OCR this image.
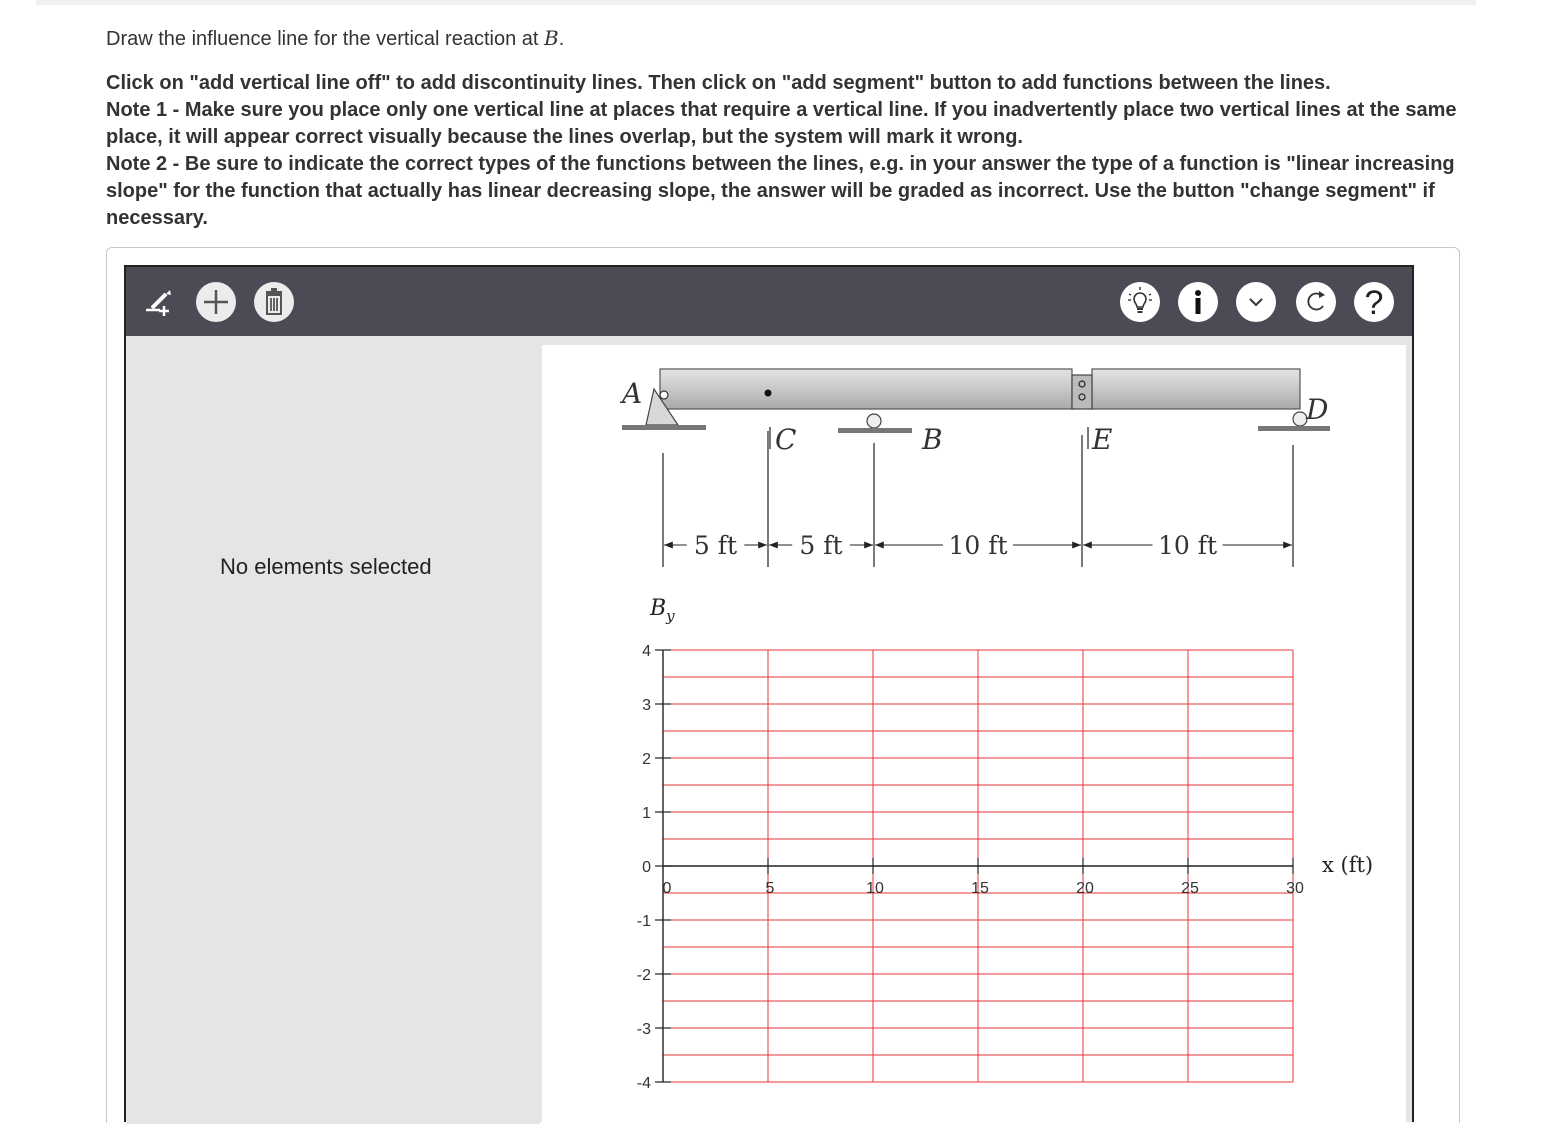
Draw the influence line for the vertical reaction at B.

Click on "add vertical line off" to add discontinuity lines. Then click on "add segment" button to add functions between the lines.

Note 1 - Make sure you place only one vertical line at places that require a vertical line. If you inadvertently place two vertical lines at the same place, it will appear correct visually because the lines overlap, but the system will mark it wrong.

Note 2 - Be sure to indicate the correct types of the functions between the lines, e.g. in your answer the type of a function is "linear increasing slope" for the function that actually has linear decreasing slope, the answer will be graded as incorrect. Use the button "change segment" if necessary.

?
No elements selected
A
C	B	E
D
5 ft 5 ft	10 ft	10 ft
4
3
2
1
0
-1
-2
-3
-4
0	5	10	15	20	25	30
$B_y$
x (ft)
